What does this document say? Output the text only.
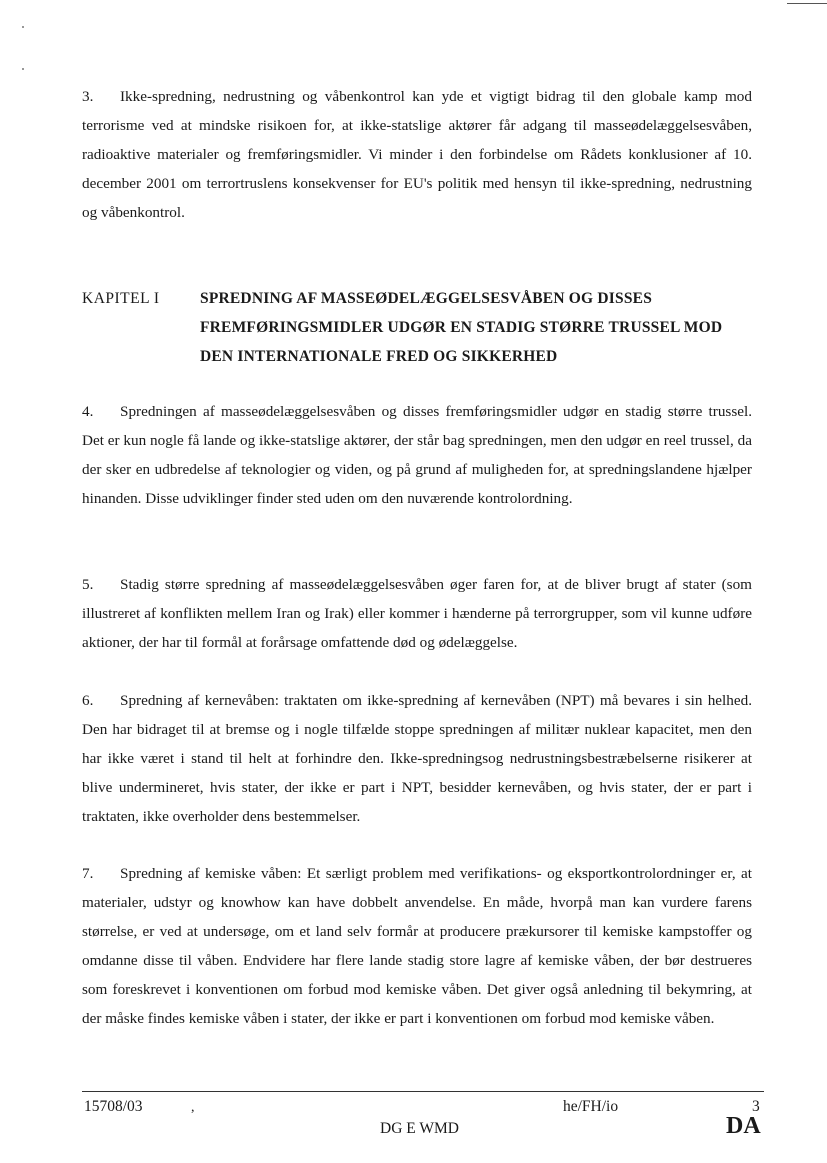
3. Ikke-spredning, nedrustning og våbenkontrol kan yde et vigtigt bidrag til den globale kamp mod terrorisme ved at mindske risikoen for, at ikke-statslige aktører får adgang til masseødelæggelsesvåben, radioaktive materialer og fremføringsmidler. Vi minder i den forbindelse om Rådets konklusioner af 10. december 2001 om terrortruslens konsekvenser for EU's politik med hensyn til ikke-spredning, nedrustning og våbenkontrol.
KAPITEL I	SPREDNING AF MASSEØDELÆGGELSESVÅBEN OG DISSES FREMFØRINGSMIDLER UDGØR EN STADIG STØRRE TRUSSEL MOD DEN INTERNATIONALE FRED OG SIKKERHED
4. Spredningen af masseødelæggelsesvåben og disses fremføringsmidler udgør en stadig større trussel. Det er kun nogle få lande og ikke-statslige aktører, der står bag spredningen, men den udgør en reel trussel, da der sker en udbredelse af teknologier og viden, og på grund af muligheden for, at spredningslandene hjælper hinanden. Disse udviklinger finder sted uden om den nuværende kontrolordning.
5. Stadig større spredning af masseødelæggelsesvåben øger faren for, at de bliver brugt af stater (som illustreret af konflikten mellem Iran og Irak) eller kommer i hænderne på terrorgrupper, som vil kunne udføre aktioner, der har til formål at forårsage omfattende død og ødelæggelse.
6. Spredning af kernevåben: traktaten om ikke-spredning af kernevåben (NPT) må bevares i sin helhed. Den har bidraget til at bremse og i nogle tilfælde stoppe spredningen af militær nuklear kapacitet, men den har ikke været i stand til helt at forhindre den. Ikke-spredningsog nedrustningsbestræbelserne risikerer at blive undermineret, hvis stater, der ikke er part i NPT, besidder kernevåben, og hvis stater, der er part i traktaten, ikke overholder dens bestemmelser.
7. Spredning af kemiske våben: Et særligt problem med verifikations- og eksportkontrolordninger er, at materialer, udstyr og knowhow kan have dobbelt anvendelse. En måde, hvorpå man kan vurdere farens størrelse, er ved at undersøge, om et land selv formår at producere prækursorer til kemiske kampstoffer og omdanne disse til våben. Endvidere har flere lande stadig store lagre af kemiske våben, der bør destrueres som foreskrevet i konventionen om forbud mod kemiske våben. Det giver også anledning til bekymring, at der måske findes kemiske våben i stater, der ikke er part i konventionen om forbud mod kemiske våben.
15708/03	,	he/FH/io	3
DG E WMD	DA
